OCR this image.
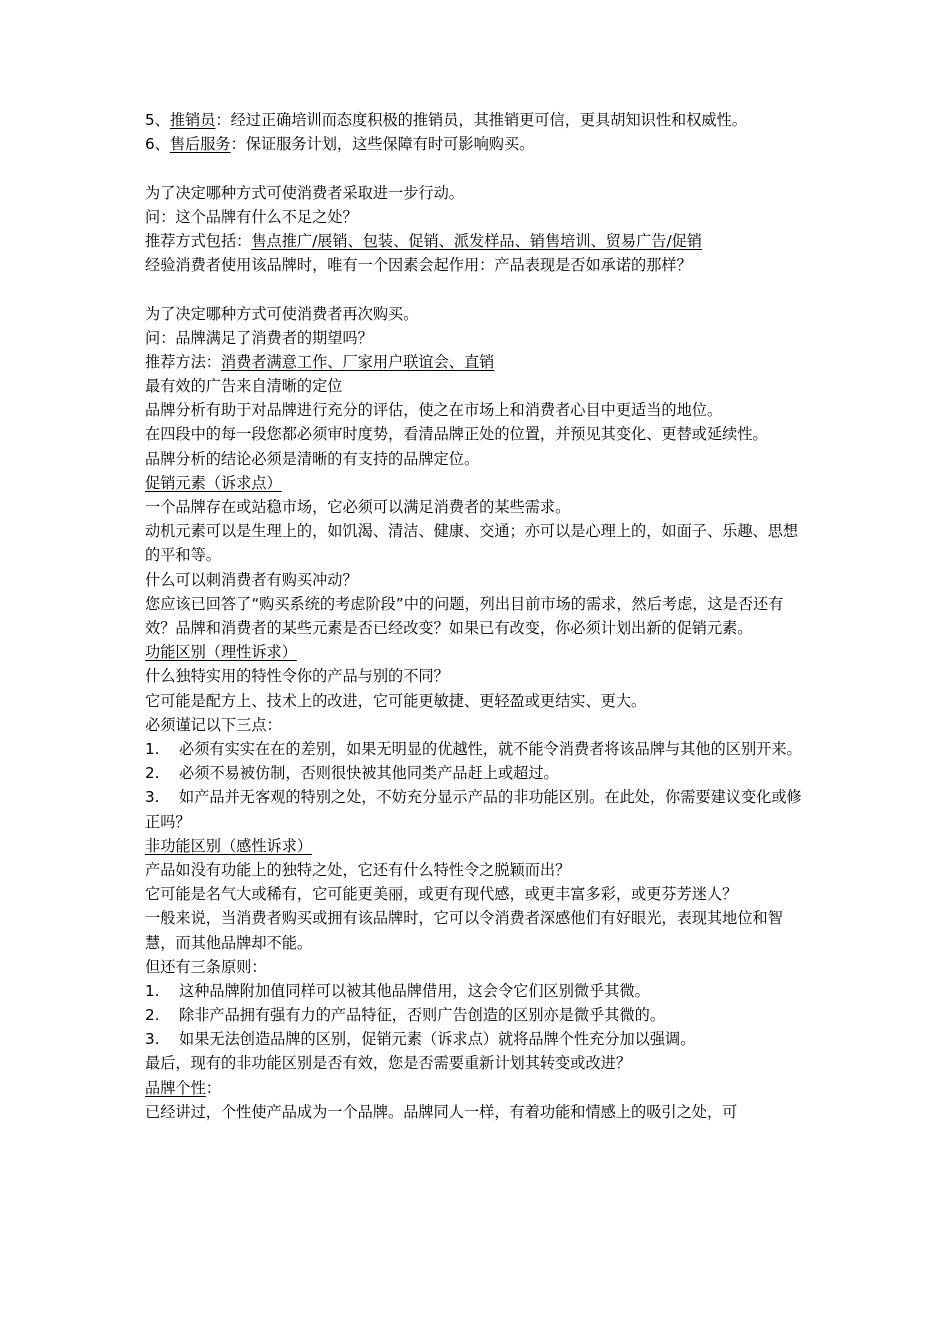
5、推销员：经过正确培训而态度积极的推销员，其推销更可信，更具胡知识性和权威性。
6、售后服务：保证服务计划，这些保障有时可影响购买。
为了决定哪种方式可使消费者采取进一步行动。
问：这个品牌有什么不足之处？
推荐方式包括：售点推广/展销、包装、促销、派发样品、销售培训、贸易广告/促销
经验消费者使用该品牌时，唯有一个因素会起作用：产品表现是否如承诺的那样？
为了决定哪种方式可使消费者再次购买。
问：品牌满足了消费者的期望吗？
推荐方法：消费者满意工作、厂家用户联谊会、直销
最有效的广告来自清晰的定位
品牌分析有助于对品牌进行充分的评估，使之在市场上和消费者心目中更适当的地位。
在四段中的每一段您都必须审时度势，看清品牌正处的位置，并预见其变化、更替或延续性。
品牌分析的结论必须是清晰的有支持的品牌定位。
促销元素（诉求点）
一个品牌存在或站稳市场，它必须可以满足消费者的某些需求。
动机元素可以是生理上的，如饥渴、清洁、健康、交通；亦可以是心理上的，如面子、乐趣、思想的平和等。
什么可以刺消费者有购买冲动？
您应该已回答了“购买系统的考虑阶段”中的问题，列出目前市场的需求，然后考虑，这是否还有效？品牌和消费者的某些元素是否已经改变？如果已有改变，你必须计划出新的促销元素。
功能区别（理性诉求）
什么独特实用的特性令你的产品与别的不同？
它可能是配方上、技术上的改进，它可能更敏捷、更轻盈或更结实、更大。
必须谨记以下三点：
1. 必须有实实在在的差别，如果无明显的优越性，就不能令消费者将该品牌与其他的区别开来。
2. 必须不易被仿制，否则很快被其他同类产品赶上或超过。
3. 如产品并无客观的特别之处，不妨充分显示产品的非功能区别。在此处，你需要建议变化或修正吗？
非功能区别（感性诉求）
产品如没有功能上的独特之处，它还有什么特性令之脱颖而出？
它可能是名气大或稀有，它可能更美丽，或更有现代感，或更丰富多彩，或更芬芳迷人？
一般来说，当消费者购买或拥有该品牌时，它可以令消费者深感他们有好眼光，表现其地位和智慧，而其他品牌却不能。
但还有三条原则：
1. 这种品牌附加值同样可以被其他品牌借用，这会令它们区别微乎其微。
2. 除非产品拥有强有力的产品特征，否则广告创造的区别亦是微乎其微的。
3. 如果无法创造品牌的区别，促销元素（诉求点）就将品牌个性充分加以强调。
最后，现有的非功能区别是否有效，您是否需要重新计划其转变或改进？
品牌个性：
已经讲过，个性使产品成为一个品牌。品牌同人一样，有着功能和情感上的吸引之处，可
